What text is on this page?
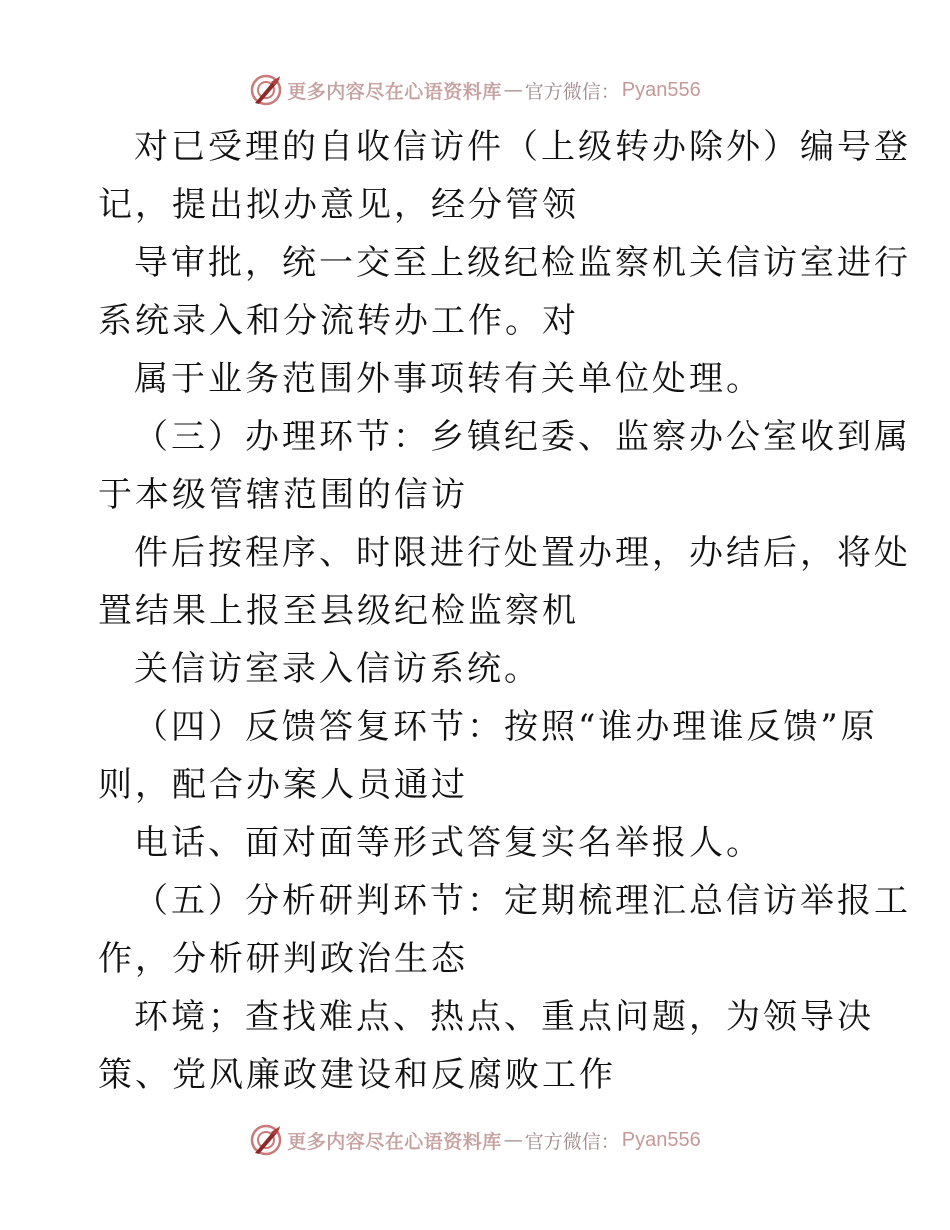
更多内容尽在心语资料库 — 官方微信： Pyan556
对已受理的自收信访件（上级转办除外）编号登
记，提出拟办意见，经分管领
导审批，统一交至上级纪检监察机关信访室进行
系统录入和分流转办工作。对
属于业务范围外事项转有关单位处理。
（三）办理环节：乡镇纪委、监察办公室收到属
于本级管辖范围的信访
件后按程序、时限进行处置办理，办结后，将处
置结果上报至县级纪检监察机
关信访室录入信访系统。
（四）反馈答复环节：按照“谁办理谁反馈”原
则，配合办案人员通过
电话、面对面等形式答复实名举报人。
（五）分析研判环节：定期梳理汇总信访举报工
作，分析研判政治生态
环境；查找难点、热点、重点问题，为领导决
策、党风廉政建设和反腐败工作
更多内容尽在心语资料库 — 官方微信： Pyan556
